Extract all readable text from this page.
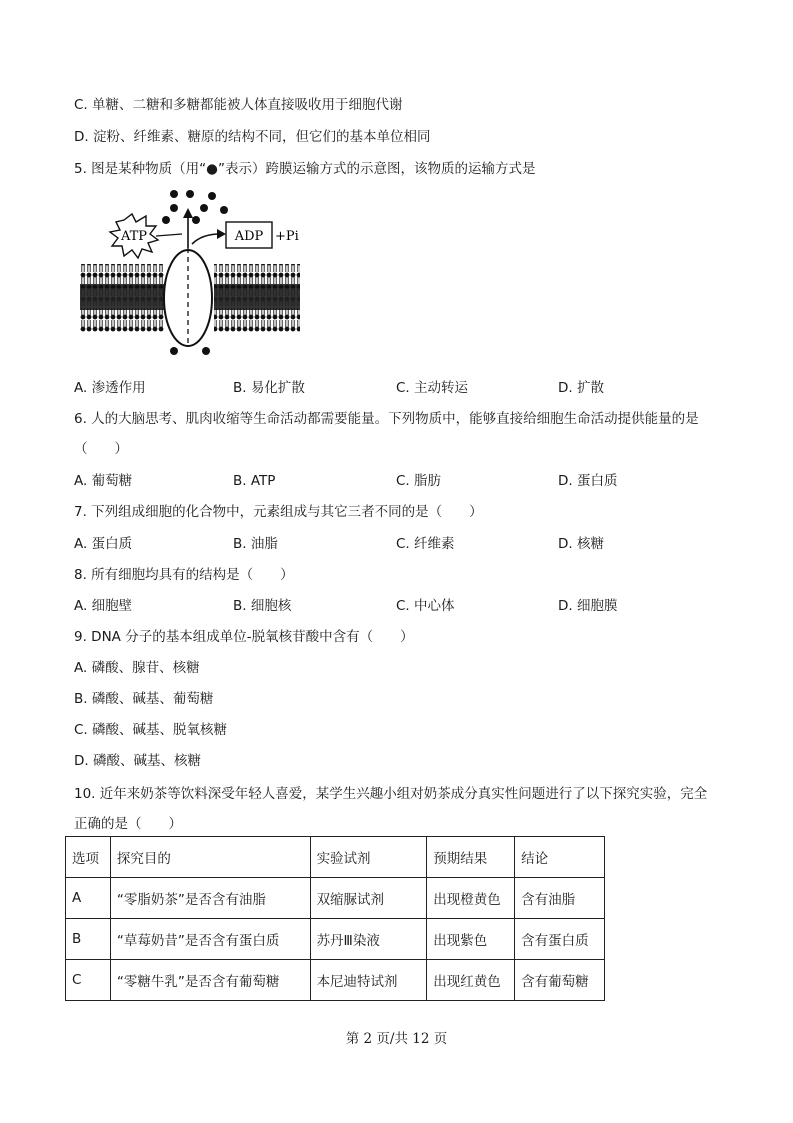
C. 单糖、二糖和多糖都能被人体直接吸收用于细胞代谢
D. 淀粉、纤维素、糖原的结构不同，但它们的基本单位相同
5. 图是某种物质（用“●”表示）跨膜运输方式的示意图，该物质的运输方式是
ATP	ADP +Pi
A. 渗透作用	B. 易化扩散	C. 主动转运	D. 扩散
6. 人的大脑思考、肌肉收缩等生命活动都需要能量。下列物质中，能够直接给细胞生命活动提供能量的是
（　　）
A. 葡萄糖	B. ATP	C. 脂肪	D. 蛋白质
7. 下列组成细胞的化合物中，元素组成与其它三者不同的是（　　）
A. 蛋白质	B. 油脂	C. 纤维素	D. 核糖
8. 所有细胞均具有的结构是（　　）
A. 细胞壁	B. 细胞核	C. 中心体	D. 细胞膜
9. DNA 分子的基本组成单位-脱氧核苷酸中含有（　　）
A. 磷酸、腺苷、核糖
B. 磷酸、碱基、葡萄糖
C. 磷酸、碱基、脱氧核糖
D. 磷酸、碱基、核糖
10. 近年来奶茶等饮料深受年轻人喜爱，某学生兴趣小组对奶茶成分真实性问题进行了以下探究实验，完全
正确的是（　　）
选项	探究目的	实验试剂	预期结果	结论
A	“零脂奶茶”是否含有油脂	双缩脲试剂	出现橙黄色	含有油脂
B	“草莓奶昔”是否含有蛋白质	苏丹Ⅲ染液	出现紫色	含有蛋白质
C	“零糖牛乳”是否含有葡萄糖	本尼迪特试剂	出现红黄色	含有葡萄糖
第 2 页/共 12 页
